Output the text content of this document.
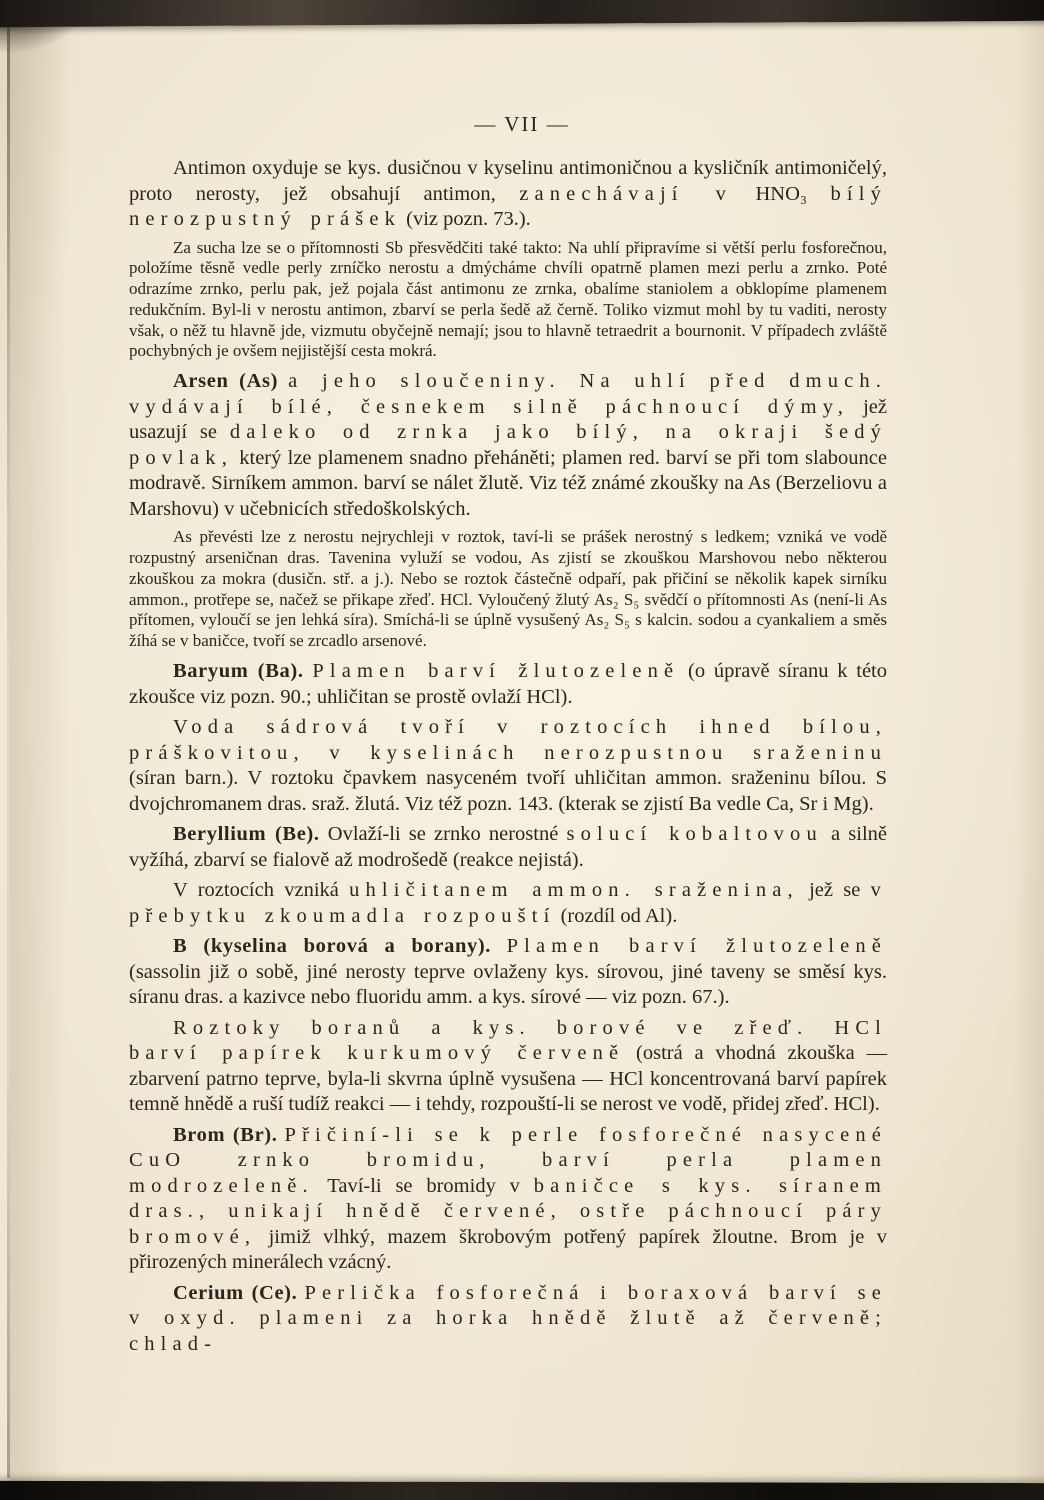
— VII —

Antimon oxyduje se kys. dusičnou v kyselinu antimoničnou a kysličník antimoničelý, proto nerosty, jež obsahují antimon, zanechávají v HNO₃ bílý nerozpustný prášek (viz pozn. 73.).

Za sucha lze se o přítomnosti Sb přesvědčiti také takto: Na uhlí připravíme si větší perlu fosforečnou, položíme těsně vedle perly zrníčko nerostu a dmýcháme chvíli opatrně plamen mezi perlu a zrnko. Poté odrazíme zrnko, perlu pak, jež pojala část antimonu ze zrnka, obalíme staniolem a obklopíme plamenem redukčním. Byl-li v nerostu antimon, zbarví se perla šedě až černě. Toliko vizmut mohl by tu vaditi, nerosty však, o něž tu hlavně jde, vizmutu obyčejně nemají; jsou to hlavně tetraedrit a bournonit. V případech zvláště pochybných je ovšem nejjistější cesta mokrá.

Arsen (As) a jeho sloučeniny. Na uhlí před dmuch. vydávají bílé, česnekem silně páchnoucí dýmy, jež usazují se daleko od zrnka jako bílý, na okraji šedý povlak, který lze plamenem snadno přeháněti; plamen red. barví se při tom slabounce modravě. Sirníkem ammon. barví se nálet žlutě. Viz též známé zkoušky na As (Berzeliovu a Marshovu) v učebnicích středoškolských.

As převésti lze z nerostu nejrychleji v roztok, taví-li se prášek nerostný s ledkem; vzniká ve vodě rozpustný arseničnan dras. Tavenina vyluží se vodou, As zjistí se zkouškou Marshovou nebo některou zkouškou za mokra (dusičn. stř. a j.). Nebo se roztok částečně odpaří, pak přičiní se několik kapek sirníku ammon., protřepe se, načež se přikape zřeď. HCl. Vyloučený žlutý As₂ S₅ svědčí o přítomnosti As (není-li As přítomen, vyloučí se jen lehká síra). Smíchá-li se úplně vysušený As₂ S₅ s kalcin. sodou a cyankaliem a směs žíhá se v baničce, tvoří se zrcadlo arsenové.

Baryum (Ba). Plamen barví žlutozeleně (o úpravě síranu k této zkoušce viz pozn. 90.; uhličitan se prostě ovlaží HCl).

Voda sádrová tvoří v roztocích ihned bílou, práškovitou, v kyselinách nerozpustnou sraženinu (síran barn.). V roztoku čpavkem nasyceném tvoří uhličitan ammon. sraženinu bílou. S dvojchromanem dras. sraž. žlutá. Viz též pozn. 143. (kterak se zjistí Ba vedle Ca, Sr i Mg).

Beryllium (Be). Ovlaží-li se zrnko nerostné solucí kobaltovou a silně vyžíhá, zbarví se fialově až modrošedě (reakce nejistá).

V roztocích vzniká uhličitanem ammon. sraženina, jež se v přebytku zkoumadla rozpouští (rozdíl od Al).

B (kyselina borová a borany). Plamen barví žlutozeleně (sassolin již o sobě, jiné nerosty teprve ovlaženy kys. sírovou, jiné taveny se směsí kys. síranu dras. a kazivce nebo fluoridu amm. a kys. sírové — viz pozn. 67.).

Roztoky boranů a kys. borové ve zřeď. HCl barví papírek kurkumový červeně (ostrá a vhodná zkouška — zbarvení patrno teprve, byla-li skvrna úplně vysušena — HCl koncentrovaná barví papírek temně hnědě a ruší tudíž reakci — i tehdy, rozpouští-li se nerost ve vodě, přidej zřeď. HCl).

Brom (Br). Přičiní-li se k perle fosforečné nasycené CuO zrnko bromidu, barví perla plamen modrozeleně. Taví-li se bromidy v baničce s kys. síranem dras., unikají hnědě červené, ostře páchnoucí páry bromové, jimiž vlhký, mazem škrobovým potřený papírek žloutne. Brom je v přirozených minerálech vzácný.

Cerium (Ce). Perlička fosforečná i boraxová barví se v oxyd. plameni za horka hnědě žlutě až červeně; chlad-
